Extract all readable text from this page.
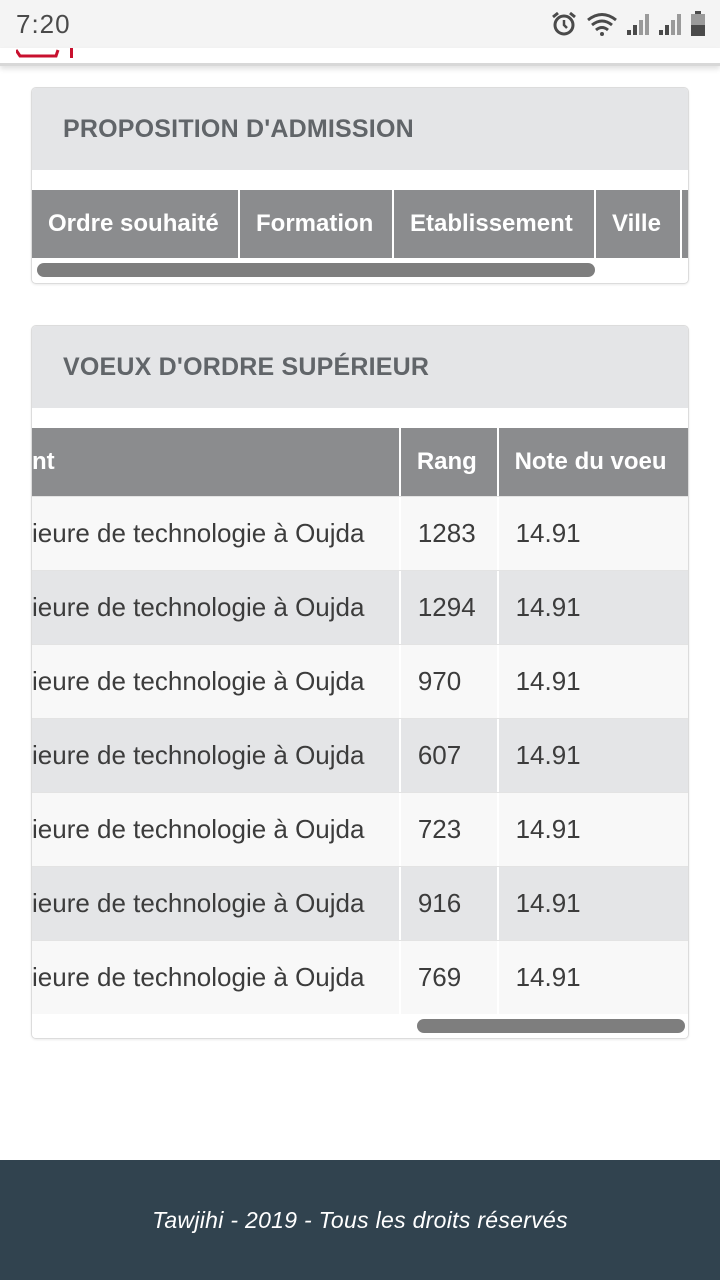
7:20
PROPOSITION D'ADMISSION
Ordre souhaité	Formation	Etablissement	Ville
VOEUX D'ORDRE SUPÉRIEUR
nt	Rang	Note du voeu
ieure de technologie à Oujda	1283	14.91
ieure de technologie à Oujda	1294	14.91
ieure de technologie à Oujda	970	14.91
ieure de technologie à Oujda	607	14.91
ieure de technologie à Oujda	723	14.91
ieure de technologie à Oujda	916	14.91
ieure de technologie à Oujda	769	14.91
Tawjihi - 2019 - Tous les droits réservés
